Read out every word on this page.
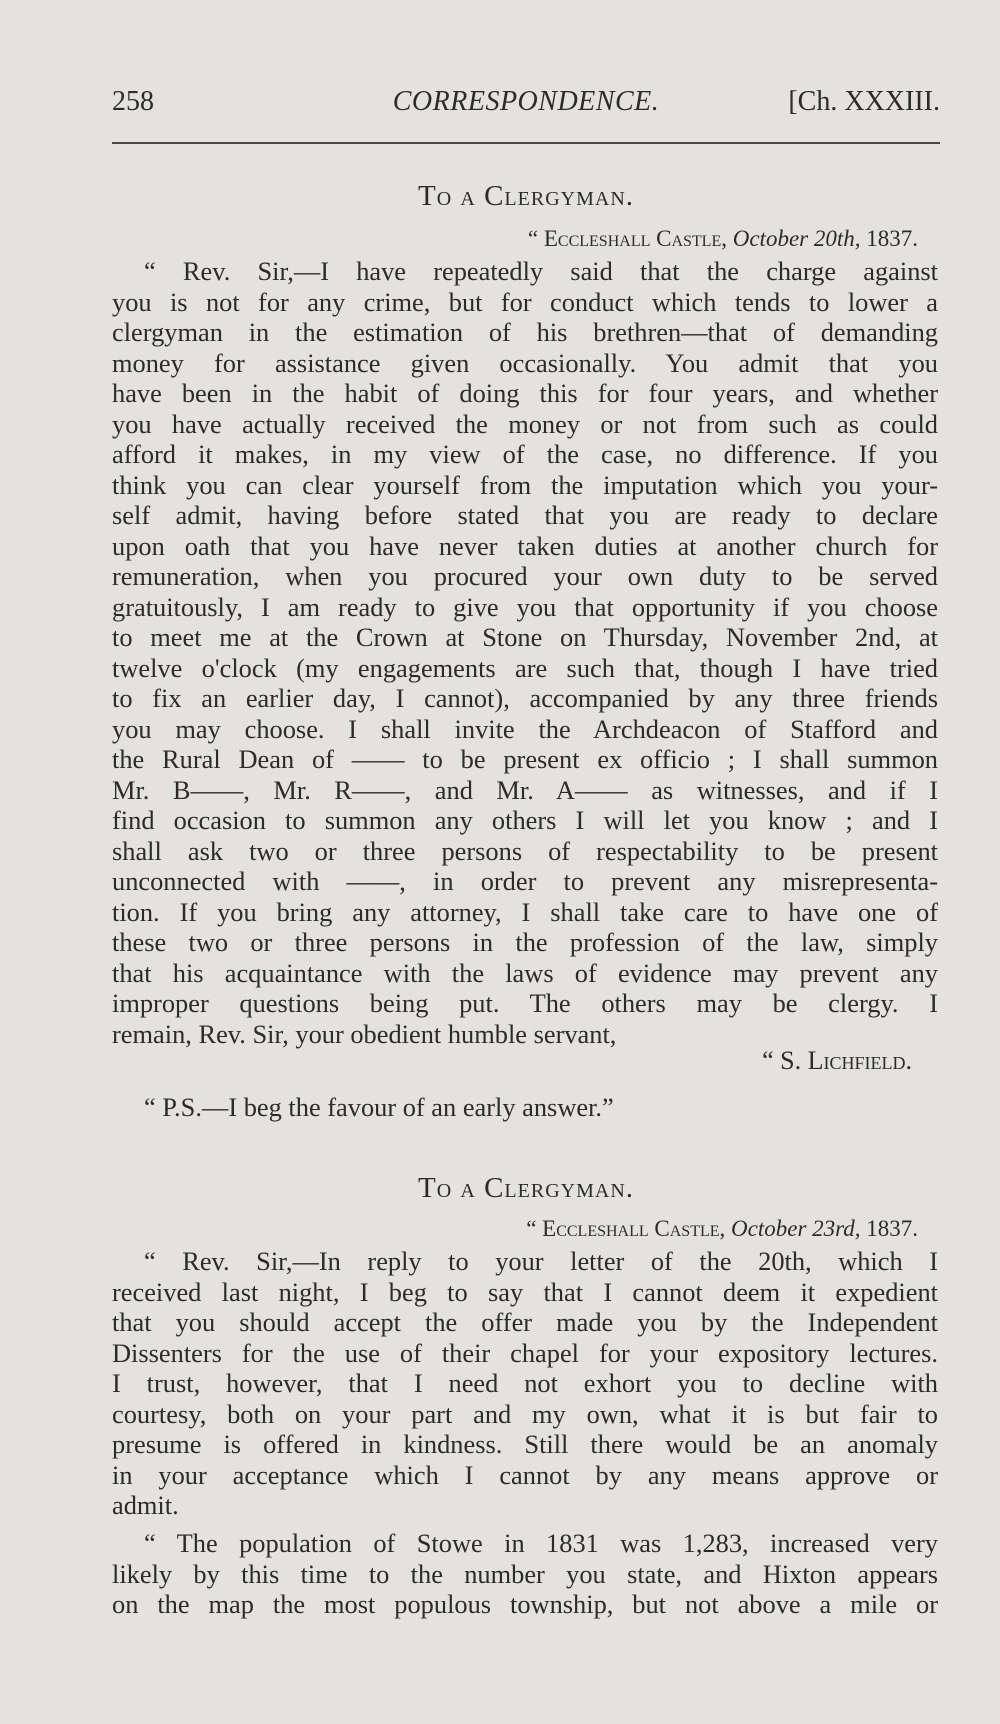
258	CORRESPONDENCE.	[Ch. XXXIII.
To a Clergyman.
“ Eccleshall Castle, October 20th, 1837.
“ Rev. Sir,—I have repeatedly said that the charge against
you is not for any crime, but for conduct which tends to lower a
clergyman in the estimation of his brethren—that of demanding
money for assistance given occasionally. You admit that you
have been in the habit of doing this for four years, and whether
you have actually received the money or not from such as could
afford it makes, in my view of the case, no difference. If you
think you can clear yourself from the imputation which you your-
self admit, having before stated that you are ready to declare
upon oath that you have never taken duties at another church for
remuneration, when you procured your own duty to be served
gratuitously, I am ready to give you that opportunity if you choose
to meet me at the Crown at Stone on Thursday, November 2nd, at
twelve o'clock (my engagements are such that, though I have tried
to fix an earlier day, I cannot), accompanied by any three friends
you may choose. I shall invite the Archdeacon of Stafford and
the Rural Dean of —— to be present ex officio ; I shall summon
Mr. B——, Mr. R——, and Mr. A—— as witnesses, and if I
find occasion to summon any others I will let you know ; and I
shall ask two or three persons of respectability to be present
unconnected with ——, in order to prevent any misrepresenta-
tion. If you bring any attorney, I shall take care to have one of
these two or three persons in the profession of the law, simply
that his acquaintance with the laws of evidence may prevent any
improper questions being put. The others may be clergy. I
remain, Rev. Sir, your obedient humble servant,
“ S. Lichfield.
“ P.S.—I beg the favour of an early answer.”
To a Clergyman.
“ Eccleshall Castle, October 23rd, 1837.
“ Rev. Sir,—In reply to your letter of the 20th, which I
received last night, I beg to say that I cannot deem it expedient
that you should accept the offer made you by the Independent
Dissenters for the use of their chapel for your expository lectures.
I trust, however, that I need not exhort you to decline with
courtesy, both on your part and my own, what it is but fair to
presume is offered in kindness. Still there would be an anomaly
in your acceptance which I cannot by any means approve or
admit.
“ The population of Stowe in 1831 was 1,283, increased very
likely by this time to the number you state, and Hixton appears
on the map the most populous township, but not above a mile or
